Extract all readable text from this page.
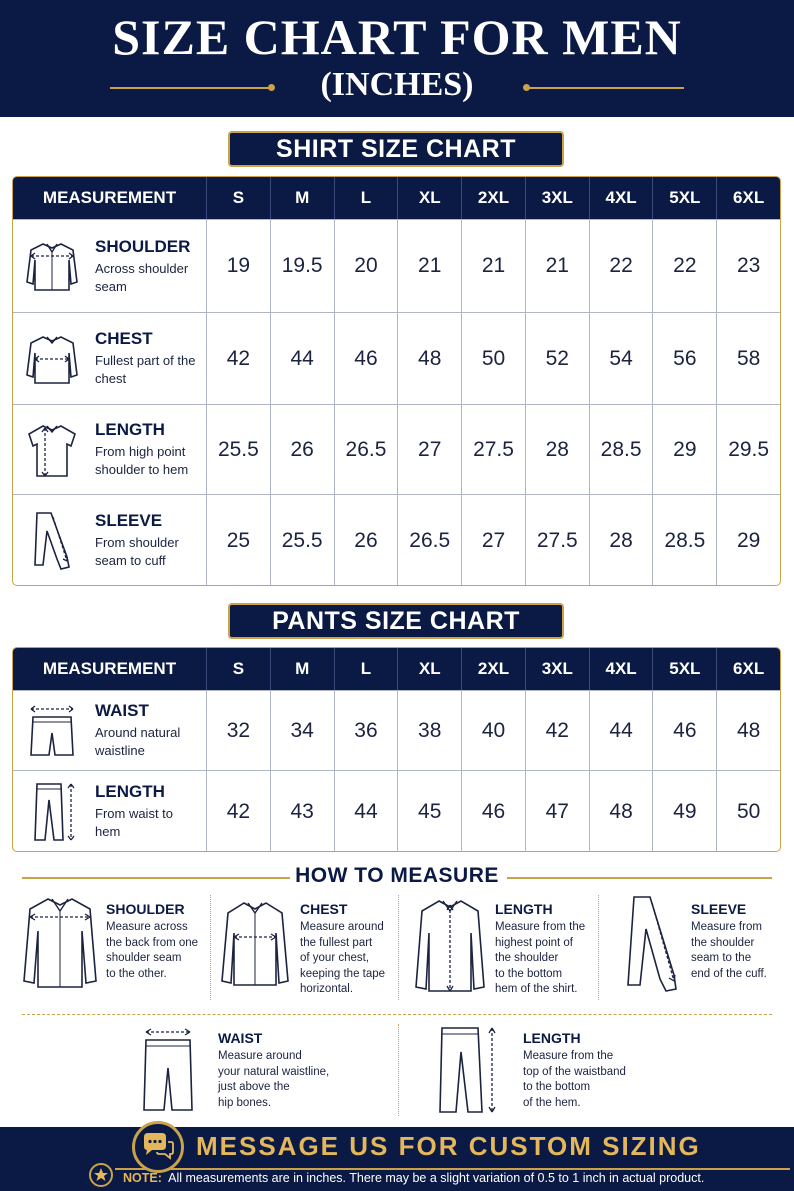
SIZE CHART FOR MEN
(INCHES)
SHIRT SIZE CHART
MEASUREMENT	S	M	L	XL	2XL	3XL	4XL	5XL	6XL
SHOULDER
Across shoulder seam
19	19.5	20	21	21	21	22	22	23
CHEST
Fullest part of the chest
42	44	46	48	50	52	54	56	58
LENGTH
From high point shoulder to hem
25.5	26	26.5	27	27.5	28	28.5	29	29.5
SLEEVE
From shoulder seam to cuff
25	25.5	26	26.5	27	27.5	28	28.5	29
PANTS SIZE CHART
MEASUREMENT	S	M	L	XL	2XL	3XL	4XL	5XL	6XL
WAIST
Around natural waistline
32	34	36	38	40	42	44	46	48
LENGTH
From waist to hem
42	43	44	45	46	47	48	49	50
HOW TO MEASURE
SHOULDER
Measure across
the back from one
shoulder seam
to the other.
CHEST
Measure around
the fullest part
of your chest,
keeping the tape
horizontal.
LENGTH
Measure from the
highest point of
the shoulder
to the bottom
hem of the shirt.
SLEEVE
Measure from
the shoulder
seam to the
end of the cuff.
WAIST
Measure around
your natural waistline,
just above the
hip bones.
LENGTH
Measure from the
top of the waistband
to the bottom
of the hem.
MESSAGE US FOR CUSTOM SIZING
NOTE: All measurements are in inches. There may be a slight variation of 0.5 to 1 inch in actual product.
